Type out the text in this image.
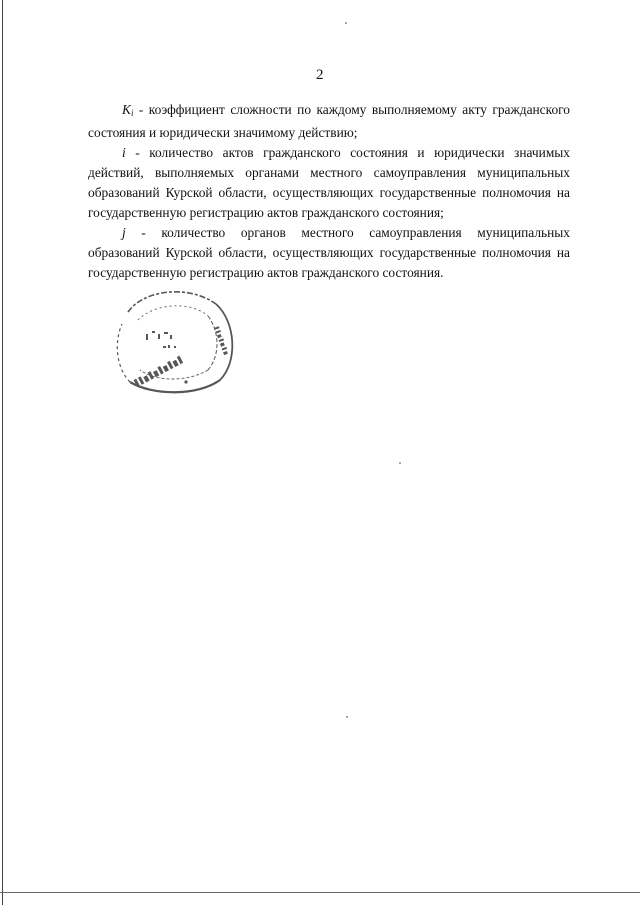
2

$K_i$ - коэффициент сложности по каждому выполняемому акту гражданского состояния и юридически значимому действию;

i - количество актов гражданского состояния и юридически значимых действий, выполняемых органами местного самоуправления муниципальных образований Курской области, осуществляющих государственные полномочия на государственную регистрацию актов гражданского состояния;

j - количество органов местного самоуправления муниципальных образований Курской области, осуществляющих государственные полномочия на государственную регистрацию актов гражданского состояния.
